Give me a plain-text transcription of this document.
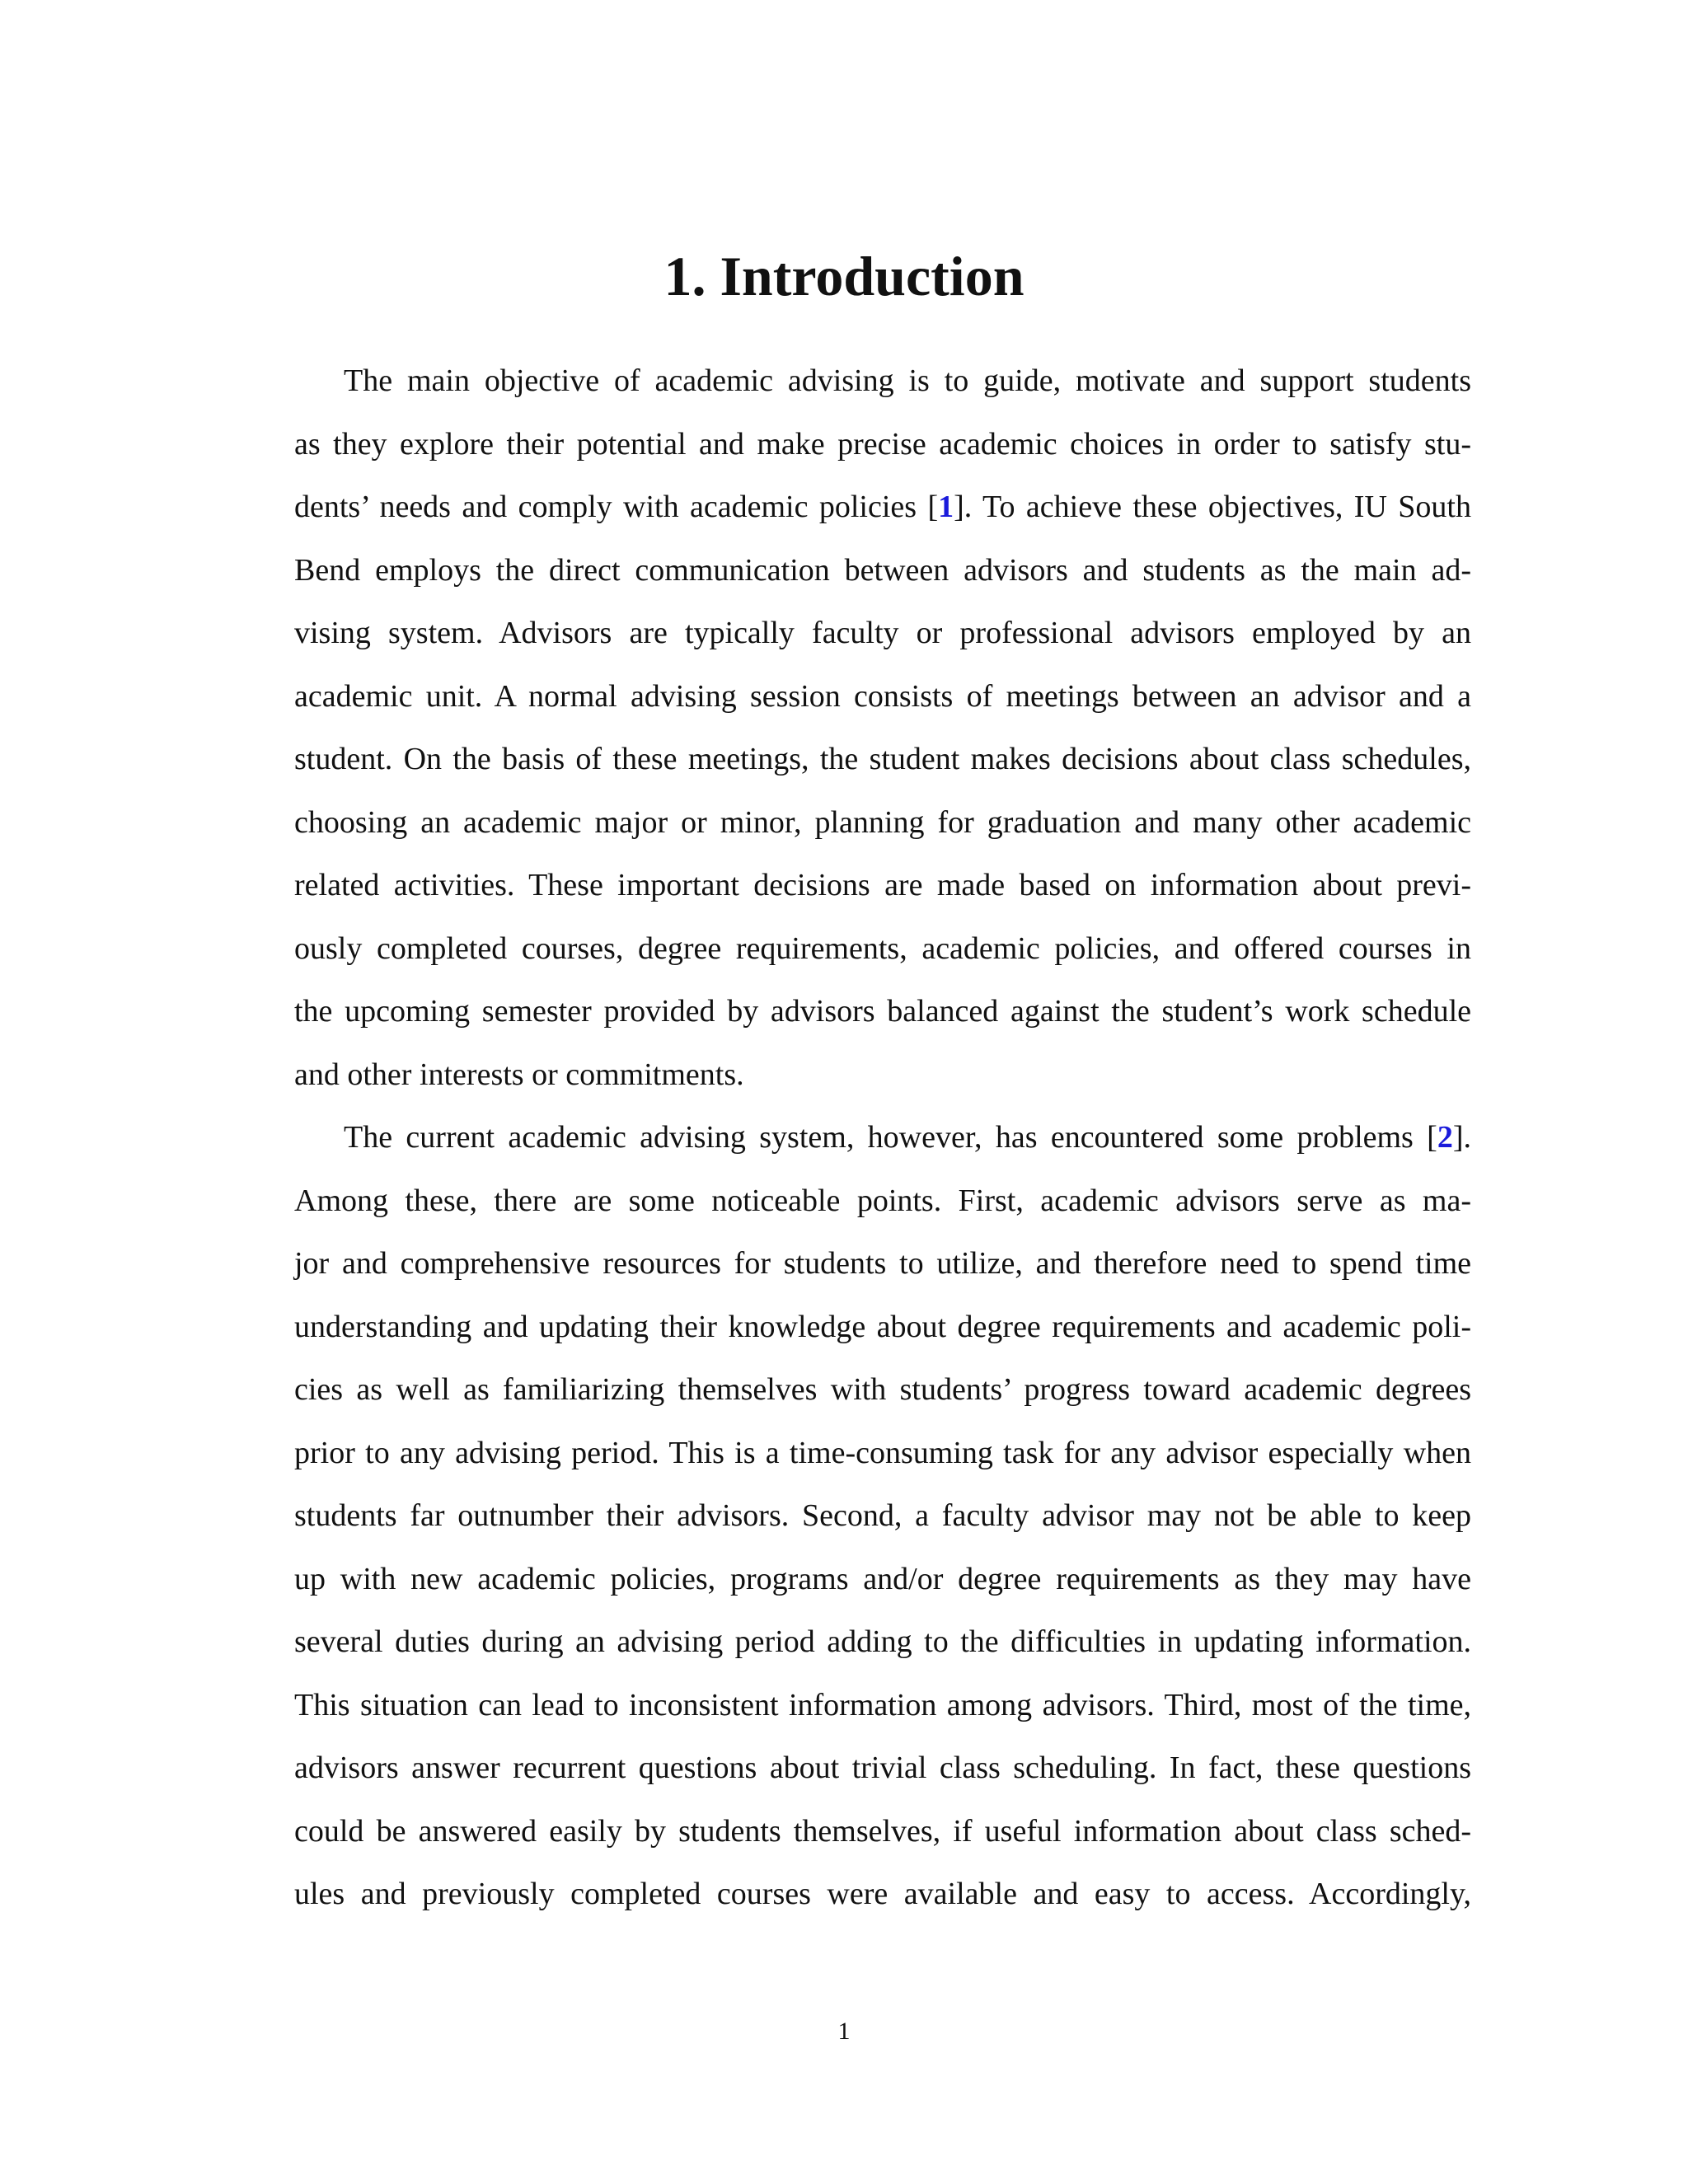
1. Introduction
The main objective of academic advising is to guide, motivate and support students
as they explore their potential and make precise academic choices in order to satisfy stu-
dents’ needs and comply with academic policies [1]. To achieve these objectives, IU South
Bend employs the direct communication between advisors and students as the main ad-
vising system. Advisors are typically faculty or professional advisors employed by an
academic unit. A normal advising session consists of meetings between an advisor and a
student. On the basis of these meetings, the student makes decisions about class schedules,
choosing an academic major or minor, planning for graduation and many other academic
related activities. These important decisions are made based on information about previ-
ously completed courses, degree requirements, academic policies, and offered courses in
the upcoming semester provided by advisors balanced against the student’s work schedule
and other interests or commitments.
The current academic advising system, however, has encountered some problems [2].
Among these, there are some noticeable points. First, academic advisors serve as ma-
jor and comprehensive resources for students to utilize, and therefore need to spend time
understanding and updating their knowledge about degree requirements and academic poli-
cies as well as familiarizing themselves with students’ progress toward academic degrees
prior to any advising period. This is a time-consuming task for any advisor especially when
students far outnumber their advisors. Second, a faculty advisor may not be able to keep
up with new academic policies, programs and/or degree requirements as they may have
several duties during an advising period adding to the difficulties in updating information.
This situation can lead to inconsistent information among advisors. Third, most of the time,
advisors answer recurrent questions about trivial class scheduling. In fact, these questions
could be answered easily by students themselves, if useful information about class sched-
ules and previously completed courses were available and easy to access. Accordingly,
1
